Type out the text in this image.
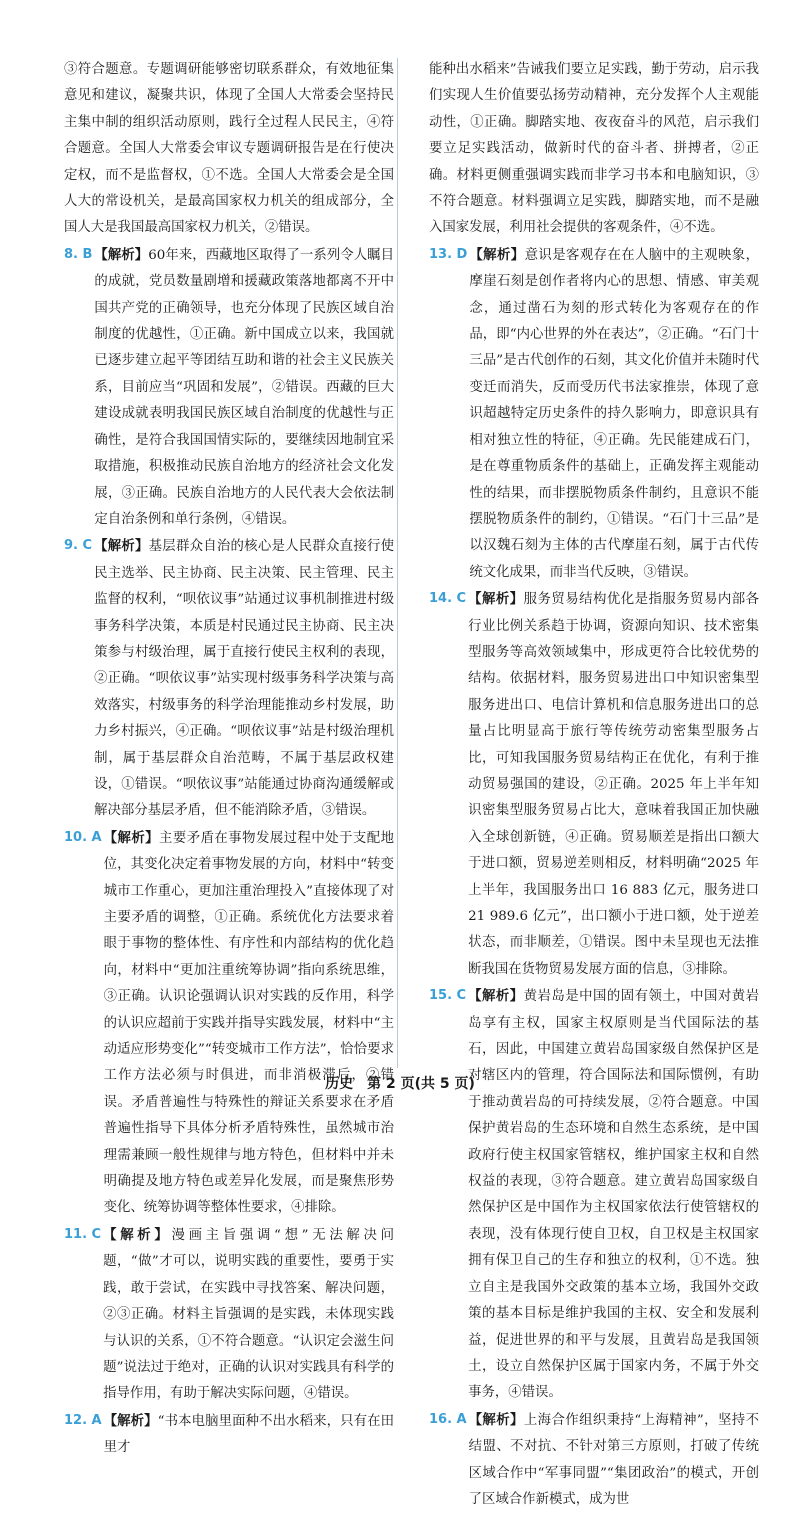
③符合题意。专题调研能够密切联系群众，有效地征集意见和建议，凝聚共识，体现了全国人大常委会坚持民主集中制的组织活动原则，践行全过程人民民主，④符合题意。全国人大常委会审议专题调研报告是在行使决定权，而不是监督权，①不选。全国人大常委会是全国人大的常设机关，是最高国家权力机关的组成部分，全国人大是我国最高国家权力机关，②错误。
8. B 【解析】60年来，西藏地区取得了一系列令人瞩目的成就，党员数量剧增和援藏政策落地都离不开中国共产党的正确领导，也充分体现了民族区域自治制度的优越性，①正确。新中国成立以来，我国就已逐步建立起平等团结互助和谐的社会主义民族关系，目前应当“巩固和发展”，②错误。西藏的巨大建设成就表明我国民族区域自治制度的优越性与正确性，是符合我国国情实际的，要继续因地制宜采取措施，积极推动民族自治地方的经济社会文化发展，③正确。民族自治地方的人民代表大会依法制定自治条例和单行条例，④错误。
9. C 【解析】基层群众自治的核心是人民群众直接行使民主选举、民主协商、民主决策、民主管理、民主监督的权利，“呗依议事”站通过议事机制推进村级事务科学决策，本质是村民通过民主协商、民主决策参与村级治理，属于直接行使民主权利的表现，②正确。“呗依议事”站实现村级事务科学决策与高效落实，村级事务的科学治理能推动乡村发展，助力乡村振兴，④正确。“呗依议事”站是村级治理机制，属于基层群众自治范畴，不属于基层政权建设，①错误。“呗依议事”站能通过协商沟通缓解或解决部分基层矛盾，但不能消除矛盾，③错误。
10. A 【解析】主要矛盾在事物发展过程中处于支配地位，其变化决定着事物发展的方向，材料中“转变城市工作重心，更加注重治理投入”直接体现了对主要矛盾的调整，①正确。系统优化方法要求着眼于事物的整体性、有序性和内部结构的优化趋向，材料中“更加注重统筹协调”指向系统思维，③正确。认识论强调认识对实践的反作用，科学的认识应超前于实践并指导实践发展，材料中“主动适应形势变化”“转变城市工作方法”，恰恰要求工作方法必须与时俱进，而非消极滞后，②错误。矛盾普遍性与特殊性的辩证关系要求在矛盾普遍性指导下具体分析矛盾特殊性，虽然城市治理需兼顾一般性规律与地方特色，但材料中并未明确提及地方特色或差异化发展，而是聚焦形势变化、统筹协调等整体性要求，④排除。
11. C 【解析】漫画主旨强调“想”无法解决问题，“做”才可以，说明实践的重要性，要勇于实践，敢于尝试，在实践中寻找答案、解决问题，②③正确。材料主旨强调的是实践，未体现实践与认识的关系，①不符合题意。“认识定会滋生问题”说法过于绝对，正确的认识对实践具有科学的指导作用，有助于解决实际问题，④错误。
12. A 【解析】“书本电脑里面种不出水稻来，只有在田里才
能种出水稻来”告诫我们要立足实践，勤于劳动，启示我们实现人生价值要弘扬劳动精神，充分发挥个人主观能动性，①正确。脚踏实地、夜夜奋斗的风范，启示我们要立足实践活动，做新时代的奋斗者、拼搏者，②正确。材料更侧重强调实践而非学习书本和电脑知识，③不符合题意。材料强调立足实践，脚踏实地，而不是融入国家发展，利用社会提供的客观条件，④不选。
13. D 【解析】意识是客观存在在人脑中的主观映象，摩崖石刻是创作者将内心的思想、情感、审美观念，通过凿石为刻的形式转化为客观存在的作品，即“内心世界的外在表达”，②正确。“石门十三品”是古代创作的石刻，其文化价值并未随时代变迁而消失，反而受历代书法家推崇，体现了意识超越特定历史条件的持久影响力，即意识具有相对独立性的特征，④正确。先民能建成石门，是在尊重物质条件的基础上，正确发挥主观能动性的结果，而非摆脱物质条件制约，且意识不能摆脱物质条件的制约，①错误。“石门十三品”是以汉魏石刻为主体的古代摩崖石刻，属于古代传统文化成果，而非当代反映，③错误。
14. C 【解析】服务贸易结构优化是指服务贸易内部各行业比例关系趋于协调，资源向知识、技术密集型服务等高效领域集中，形成更符合比较优势的结构。依据材料，服务贸易进出口中知识密集型服务进出口、电信计算机和信息服务进出口的总量占比明显高于旅行等传统劳动密集型服务占比，可知我国服务贸易结构正在优化，有利于推动贸易强国的建设，②正确。2025 年上半年知识密集型服务贸易占比大，意味着我国正加快融入全球创新链，④正确。贸易顺差是指出口额大于进口额，贸易逆差则相反，材料明确“2025 年上半年，我国服务出口 16 883 亿元，服务进口 21 989.6 亿元”，出口额小于进口额，处于逆差状态，而非顺差，①错误。图中未呈现也无法推断我国在货物贸易发展方面的信息，③排除。
15. C 【解析】黄岩岛是中国的固有领土，中国对黄岩岛享有主权，国家主权原则是当代国际法的基石，因此，中国建立黄岩岛国家级自然保护区是对辖区内的管理，符合国际法和国际惯例，有助于推动黄岩岛的可持续发展，②符合题意。中国保护黄岩岛的生态环境和自然生态系统，是中国政府行使主权国家管辖权，维护国家主权和自然权益的表现，③符合题意。建立黄岩岛国家级自然保护区是中国作为主权国家依法行使管辖权的表现，没有体现行使自卫权，自卫权是主权国家拥有保卫自己的生存和独立的权利，①不选。独立自主是我国外交政策的基本立场，我国外交政策的基本目标是维护我国的主权、安全和发展利益，促进世界的和平与发展，且黄岩岛是我国领土，设立自然保护区属于国家内务，不属于外交事务，④错误。
16. A 【解析】上海合作组织秉持“上海精神”，坚持不结盟、不对抗、不针对第三方原则，打破了传统区域合作中“军事同盟”“集团政治”的模式，开创了区域合作新模式，成为世
历史　第 2 页(共 5 页)
